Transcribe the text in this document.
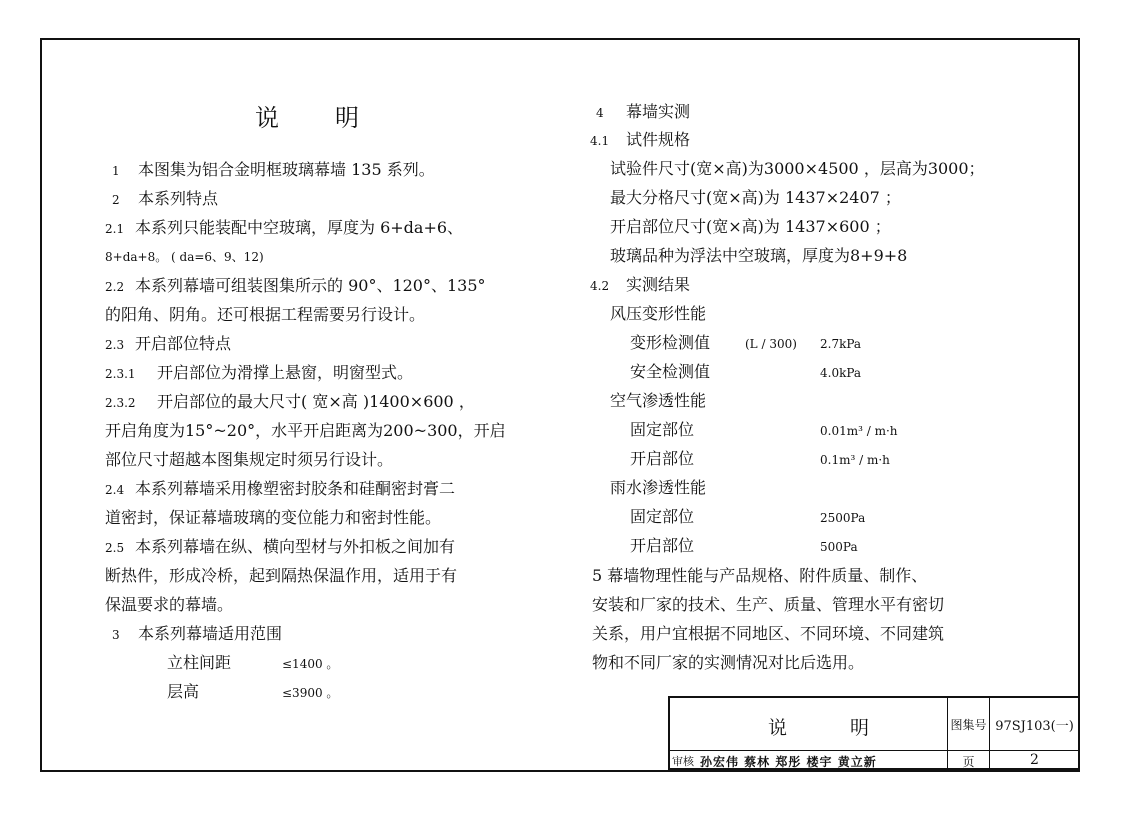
说 明
1 本图集为铝合金明框玻璃幕墙 135 系列。
2 本系列特点
2.1 本系列只能装配中空玻璃，厚度为 6+da+6、
8+da+8。 ( da=6、9、12)
2.2 本系列幕墙可组装图集所示的 90°、120°、135°
的阳角、阴角。还可根据工程需要另行设计。
2.3 开启部位特点
2.3.1 开启部位为滑撑上悬窗，明窗型式。
2.3.2 开启部位的最大尺寸( 宽×高 )1400×600 ，
开启角度为15°~20°，水平开启距离为200~300，开启
部位尺寸超越本图集规定时须另行设计。
2.4 本系列幕墙采用橡塑密封胶条和硅酮密封膏二
道密封，保证幕墙玻璃的变位能力和密封性能。
2.5 本系列幕墙在纵、横向型材与外扣板之间加有
断热件，形成冷桥，起到隔热保温作用，适用于有
保温要求的幕墙。
3 本系列幕墙适用范围
立柱间距	≤1400 。
层高	≤3900 。
4 幕墙实测
4.1 试件规格
试验件尺寸(宽×高)为3000×4500 ，层高为3000；
最大分格尺寸(宽×高)为 1437×2407 ；
开启部位尺寸(宽×高)为 1437×600 ；
玻璃品种为浮法中空玻璃，厚度为8+9+8
4.2 实测结果
风压变形性能
变形检测值	(L / 300) 2.7kPa
安全检测值	4.0kPa
空气渗透性能
固定部位	0.01m³ / m·h
开启部位	0.1m³ / m·h
雨水渗透性能
固定部位	2500Pa
开启部位	500Pa
5 幕墙物理性能与产品规格、附件质量、制作、
安装和厂家的技术、生产、质量、管理水平有密切
关系，用户宜根据不同地区、不同环境、不同建筑
物和不同厂家的实测情况对比后选用。
说	明	图集号 97SJ103(一)
审核 孙宏伟 蔡林 郑彤 楼宇 黄立新	页	2
